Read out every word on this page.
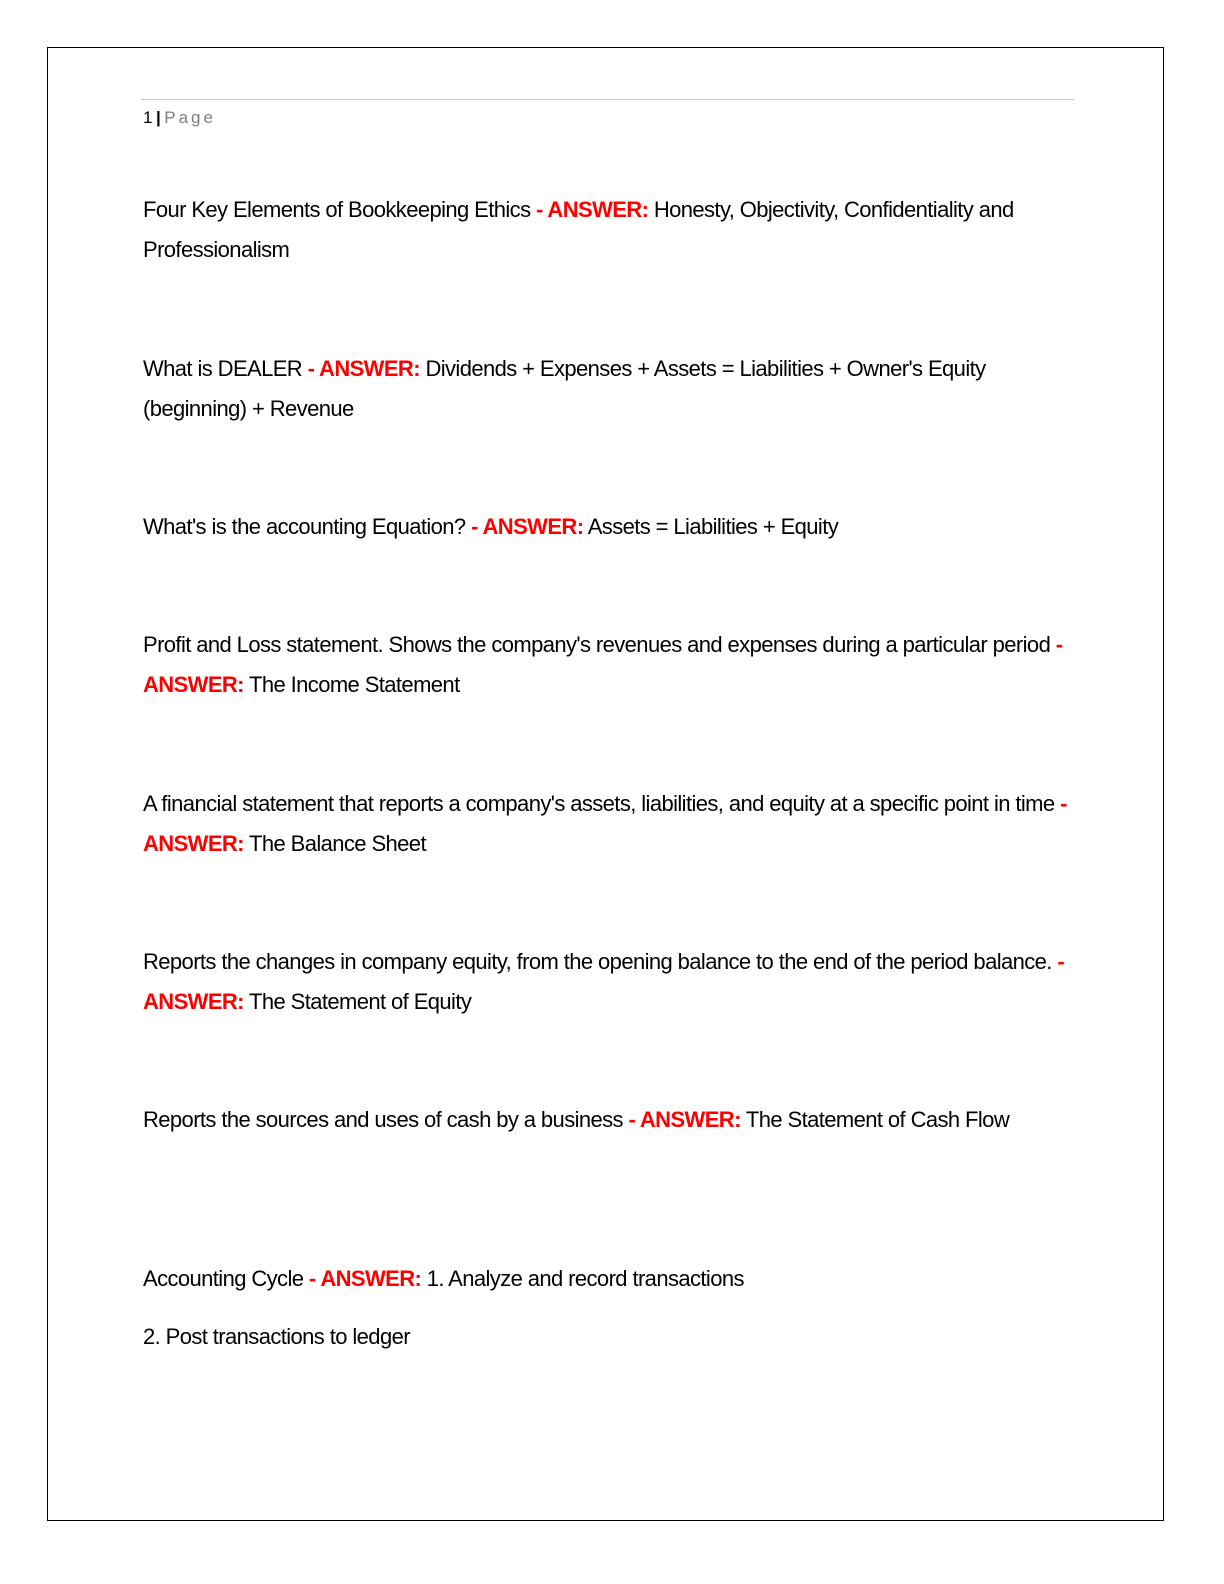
1 | Page
Four Key Elements of Bookkeeping Ethics - ANSWER: Honesty, Objectivity, Confidentiality and Professionalism
What is DEALER - ANSWER: Dividends + Expenses + Assets = Liabilities + Owner's Equity (beginning) + Revenue
What's is the accounting Equation? - ANSWER: Assets = Liabilities + Equity
Profit and Loss statement. Shows the company's revenues and expenses during a particular period - ANSWER: The Income Statement
A financial statement that reports a company's assets, liabilities, and equity at a specific point in time - ANSWER: The Balance Sheet
Reports the changes in company equity, from the opening balance to the end of the period balance. - ANSWER: The Statement of Equity
Reports the sources and uses of cash by a business - ANSWER: The Statement of Cash Flow
Accounting Cycle - ANSWER: 1. Analyze and record transactions
2. Post transactions to ledger
